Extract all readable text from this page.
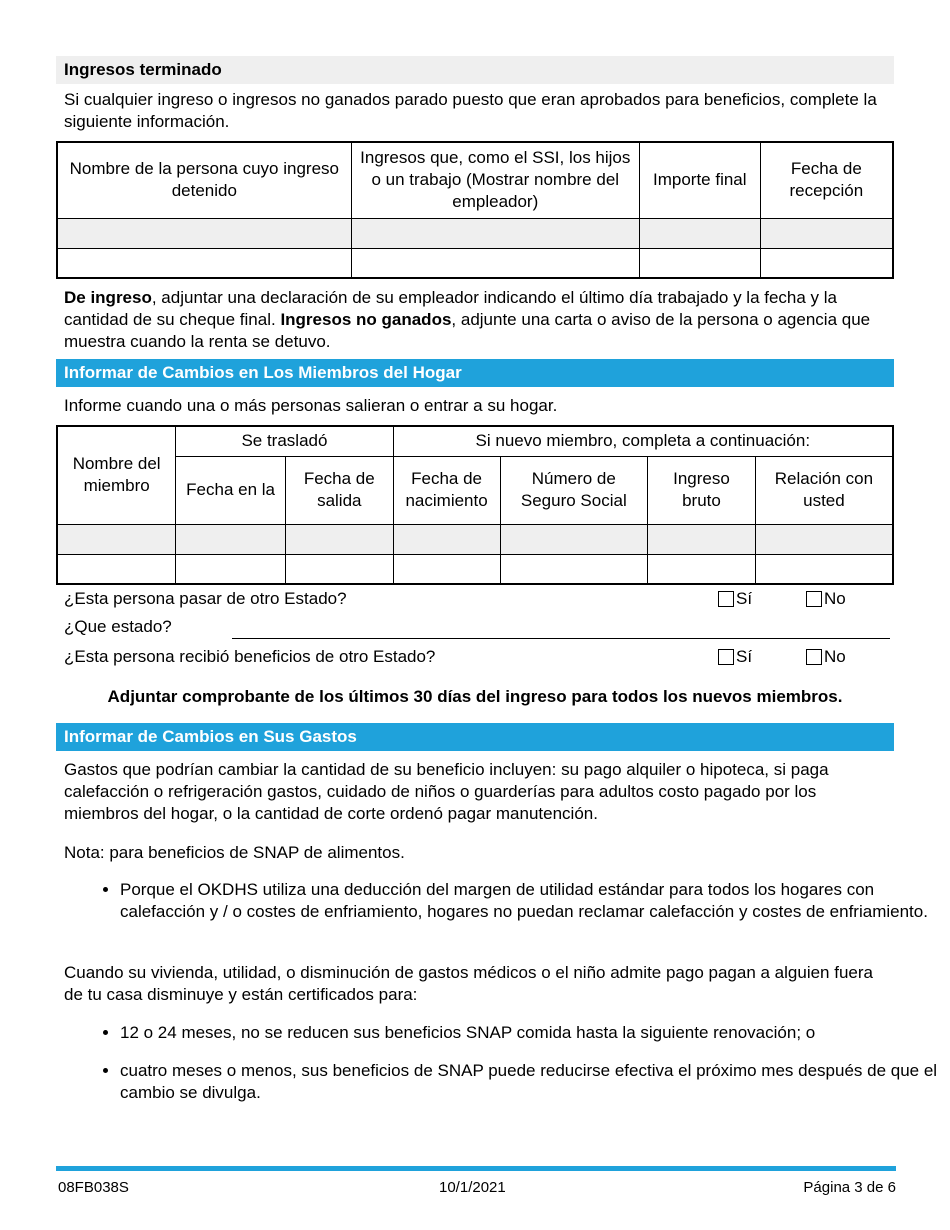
Ingresos terminado
Si cualquier ingreso o ingresos no ganados parado puesto que eran aprobados para beneficios, complete la siguiente información.
Nombre de la persona cuyo ingreso detenido	Ingresos que, como el SSI, los hijos o un trabajo (Mostrar nombre del empleador)	Importe final	Fecha de recepción

De ingreso, adjuntar una declaración de su empleador indicando el último día trabajado y la fecha y la cantidad de su cheque final. Ingresos no ganados, adjunte una carta o aviso de la persona o agencia que muestra cuando la renta se detuvo.
Informar de Cambios en Los Miembros del Hogar
Informe cuando una o más personas salieran o entrar a su hogar.
Nombre del miembro	Se trasladó		Si nuevo miembro, completa a continuación:			
	Fecha en la	Fecha de salida	Fecha de nacimiento	Número de Seguro Social	Ingreso bruto	Relación con usted

¿Esta persona pasar de otro Estado?	Sí	No
¿Que estado?
¿Esta persona recibió beneficios de otro Estado?	Sí	No
Adjuntar comprobante de los últimos 30 días del ingreso para todos los nuevos miembros.
Informar de Cambios en Sus Gastos
Gastos que podrían cambiar la cantidad de su beneficio incluyen: su pago alquiler o hipoteca, si paga calefacción o refrigeración gastos, cuidado de niños o guarderías para adultos costo pagado por los miembros del hogar, o la cantidad de corte ordenó pagar manutención.
Nota: para beneficios de SNAP de alimentos.
• Porque el OKDHS utiliza una deducción del margen de utilidad estándar para todos los hogares con calefacción y / o costes de enfriamiento, hogares no puedan reclamar calefacción y costes de enfriamiento.
Cuando su vivienda, utilidad, o disminución de gastos médicos o el niño admite pago pagan a alguien fuera de tu casa disminuye y están certificados para:
• 12 o 24 meses, no se reducen sus beneficios SNAP comida hasta la siguiente renovación; o
• cuatro meses o menos, sus beneficios de SNAP puede reducirse efectiva el próximo mes después de que el cambio se divulga.
08FB038S	10/1/2021	Página 3 de 6
